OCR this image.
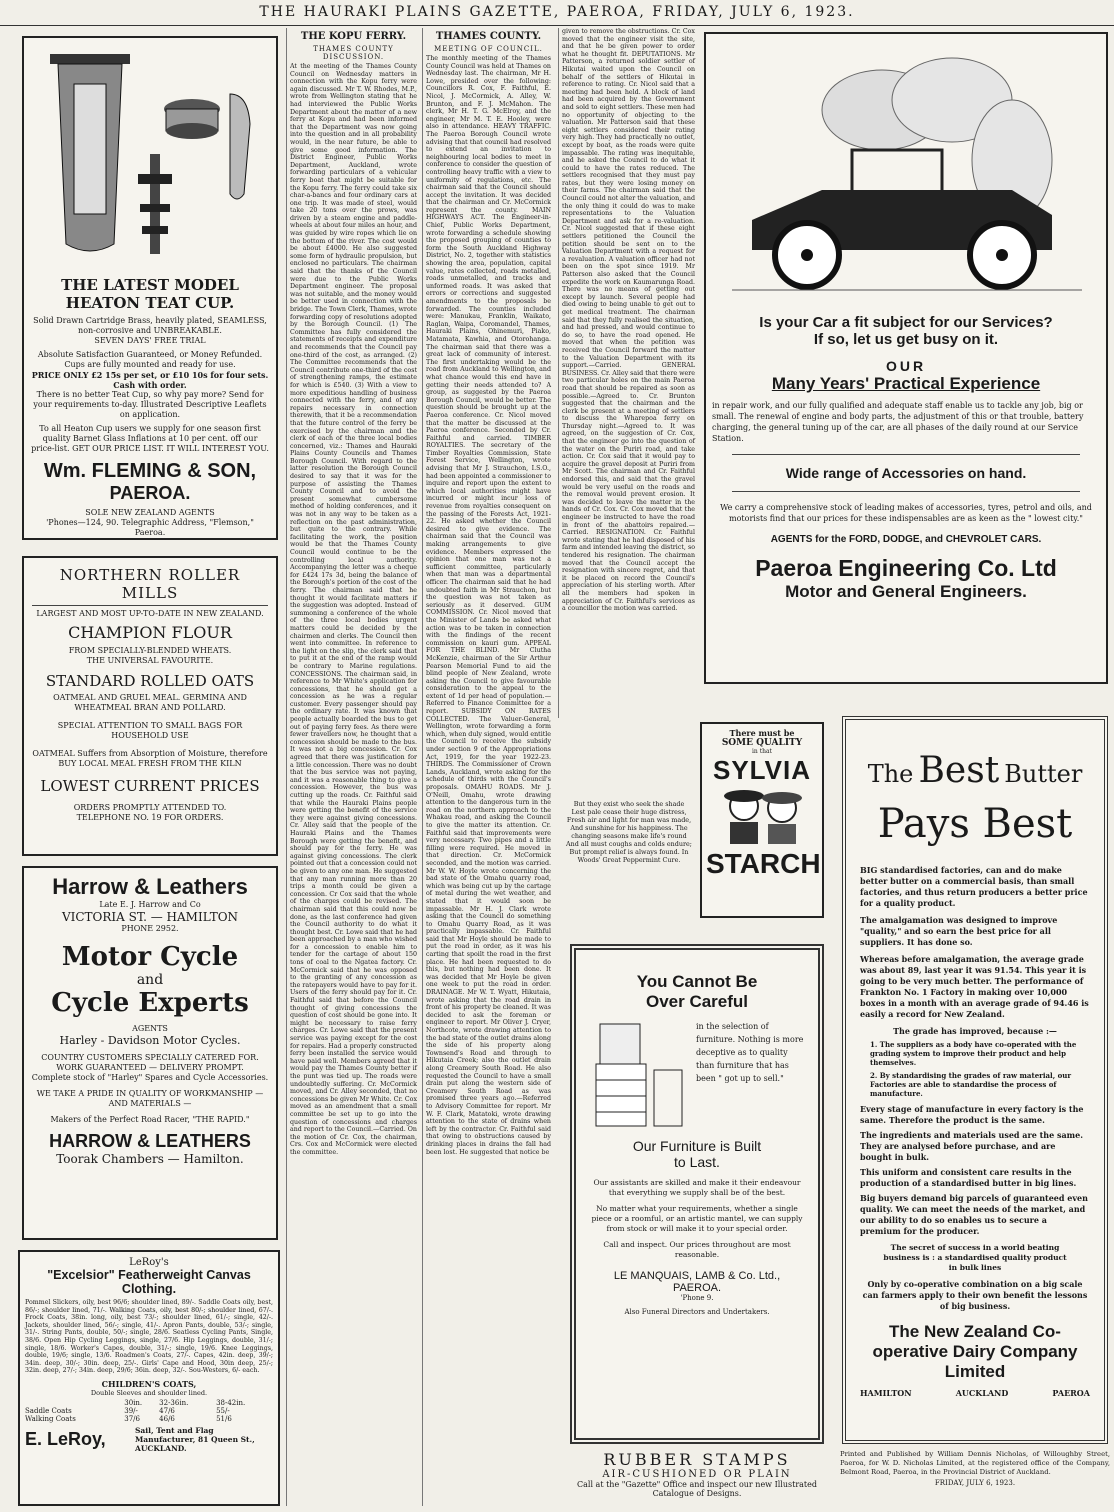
THE HAURAKI PLAINS GAZETTE, PAEROA, FRIDAY, JULY 6, 1923.
THE LATEST MODEL HEATON TEAT CUP.
Solid Drawn Cartridge Brass, heavily plated, SEAMLESS, non-corrosive and UNBREAKABLE.
SEVEN DAYS' FREE TRIAL
Absolute Satisfaction Guaranteed, or Money Refunded. Cups are fully mounted and ready for use.
PRICE ONLY £2 15s per set, or £10 10s for four sets. Cash with order.
There is no better Teat Cup, so why pay more? Send for your requirements to-day. Illustrated Descriptive Leaflets on application.
To all Heaton Cup users we supply for one season first quality Barnet Glass Inflations at 10 per cent. off our price-list. GET OUR PRICE LIST. IT WILL INTEREST YOU.
Wm. FLEMING & SON,
PAEROA.
SOLE NEW ZEALAND AGENTS
'Phones—124, 90. Telegraphic Address, "Flemson," Paeroa.
NORTHERN ROLLER MILLS
LARGEST AND MOST UP-TO-DATE IN NEW ZEALAND.
CHAMPION FLOUR
FROM SPECIALLY-BLENDED WHEATS.
THE UNIVERSAL FAVOURITE.
STANDARD ROLLED OATS
OATMEAL AND GRUEL MEAL. GERMINA AND WHEATMEAL BRAN AND POLLARD.
SPECIAL ATTENTION TO SMALL BAGS FOR HOUSEHOLD USE
OATMEAL Suffers from Absorption of Moisture, therefore BUY LOCAL MEAL FRESH FROM THE KILN
LOWEST CURRENT PRICES
ORDERS PROMPTLY ATTENDED TO.
TELEPHONE NO. 19 FOR ORDERS.
Harrow & Leathers
Late E. J. Harrow and Co
VICTORIA ST. — HAMILTON
PHONE 2952.
Motor Cycle
and
Cycle Experts
AGENTS
Harley - Davidson Motor Cycles.
COUNTRY CUSTOMERS SPECIALLY CATERED FOR. WORK GUARANTEED — DELIVERY PROMPT.
Complete stock of "Harley" Spares and Cycle Accessories.
WE TAKE A PRIDE IN QUALITY OF WORKMANSHIP — AND MATERIALS —
Makers of the Perfect Road Racer, "THE RAPID."
HARROW & LEATHERS
Toorak Chambers — Hamilton.
LeRoy's
"Excelsior" Featherweight Canvas Clothing.
Pommel Slickers, oily, best 96/6; shoulder lined, 89/-. Saddle Coats oily, best, 86/-; shoulder lined, 71/-. Walking Coats, oily, best 80/-; shoulder lined, 67/-. Frock Coats, 38in. long, oily, best 73/-; shoulder lined, 61/-; single, 42/-. Jackets, shoulder lined, 56/-; single, 41/-. Apron Pants, double, 53/-; single, 31/-. String Pants, double, 50/-; single, 28/6. Seatless Cycling Pants, Single, 38/6. Open Hip Cycling Leggings, single, 27/6. Hip Leggings, double, 31/-; single, 18/6. Worker's Capes, double, 31/-; single, 19/6. Knee Leggings, double, 19/6; single, 13/6. Roadmen's Coats, 27/-. Capes, 42in. deep, 39/-; 34in. deep, 30/-; 30in. deep, 25/-. Girls' Cape and Hood, 30in deep, 25/-; 32in. deep, 27/-; 34in. deep, 29/6; 36in. deep, 32/-. Sou-Westers, 6/- each.
CHILDREN'S COATS,
Double Sleeves and shoulder lined.
	30in.	32-36in.	38-42in.
Saddle Coats	39/-	47/6	55/-
Walking Coats	37/6	46/6	51/6
E. LeRoy,	Sail, Tent and Flag Manufacturer, 81 Queen St., AUCKLAND.
THE KOPU FERRY.
THAMES COUNTY DISCUSSION.
At the meeting of the Thames County Council on Wednesday matters in connection with the Kopu ferry were again discussed. Mr T. W. Rhodes, M.P., wrote from Wellington stating that he had interviewed the Public Works Department about the matter of a new ferry at Kopu and had been informed that the Department was now going into the question and in all probability would, in the near future, be able to give some good information. The District Engineer, Public Works Department, Auckland, wrote forwarding particulars of a vehicular ferry boat that might be suitable for the Kopu ferry. The ferry could take six char-a-bancs and four ordinary cars at one trip. It was made of steel, would take 20 tons over the prows, was driven by a steam engine and paddle-wheels at about four miles an hour, and was guided by wire ropes which lie on the bottom of the river. The cost would be about £4000. He also suggested some form of hydraulic propulsion, but enclosed no particulars. The chairman said that the thanks of the Council were due to the Public Works Department engineer. The proposal was not suitable, and the money would be better used in connection with the bridge. The Town Clerk, Thames, wrote forwarding copy of resolutions adopted by the Borough Council. (1) The Committee has fully considered the statements of receipts and expenditure and recommends that the Council pay one-third of the cost, as arranged. (2) The Committee recommends that the Council contribute one-third of the cost of strengthening ramps, the estimate for which is £540. (3) With a view to more expeditious handling of business connected with the ferry, and of any repairs necessary in connection therewith, that it be a recommendation that the future control of the ferry be exercised by the chairman and the clerk of each of the three local bodies concerned, viz.: Thames and Hauraki Plains County Councils and Thames Borough Council. With regard to the latter resolution the Borough Council desired to say that it was for the purpose of assisting the Thames County Council and to avoid the present somewhat cumbersome method of holding conferences, and it was not in any way to be taken as a reflection on the past administration, but quite to the contrary. While facilitating the work, the position would be that the Thames County Council would continue to be the controlling local authority. Accompanying the letter was a cheque for £424 17s 3d, being the balance of the Borough's portion of the cost of the ferry. The chairman said that he thought it would facilitate matters if the suggestion was adopted. Instead of summoning a conference of the whole of the three local bodies urgent matters could be decided by the chairmen and clerks. The Council then went into committee. In reference to the light on the slip, the clerk said that to put it at the end of the ramp would be contrary to Marine regulations. CONCESSIONS. The chairman said, in reference to Mr White's application for concessions, that he should get a concession as he was a regular customer. Every passenger should pay the ordinary rate. It was known that people actually boarded the bus to get out of paying ferry fees. As there were fewer travellers now, he thought that a concession should be made to the bus. It was not a big concession. Cr. Cox agreed that there was justification for a little concession. There was no doubt that the bus service was not paying, and it was a reasonable thing to give a concession. However, the bus was cutting up the roads. Cr. Faithful said that while the Hauraki Plains people were getting the benefit of the service they were against giving concessions. Cr. Alley said that the people of the Hauraki Plains and the Thames Borough were getting the benefit, and should pay for the ferry. He was against giving concessions. The clerk pointed out that a concession could not be given to any one man. He suggested that any man running more than 20 trips a month could be given a concession. Cr Cox said that the whole of the charges could be revised. The chairman said that this could now be done, as the last conference had given the Council authority to do what it thought best. Cr. Lowe said that he had been approached by a man who wished for a concession to enable him to tender for the cartage of about 150 tons of coal to the Ngatea factory. Cr. McCormick said that he was opposed to the granting of any concession as the ratepayers would have to pay for it. Users of the ferry should pay for it. Cr. Faithful said that before the Council thought of giving concessions the question of cost should be gone into. It might be necessary to raise ferry charges. Cr. Lowe said that the present service was paying except for the cost for repairs. Had a properly constructed ferry been installed the service would have paid well. Members agreed that it would pay the Thames County better if the punt was tied up. The roads were undoubtedly suffering. Cr. McCormick moved, and Cr. Alley seconded, that no concessions be given Mr White. Cr. Cox moved as an amendment that a small committee be set up to go into the question of concessions and charges and report to the Council.—Carried. On the motion of Cr. Cox, the chairman, Crs. Cox and McCormick were elected the committee.
THAMES COUNTY.
MEETING OF COUNCIL.
The monthly meeting of the Thames County Council was held at Thames on Wednesday last. The chairman, Mr H. Lowe, presided over the following: Councillors R. Cox, F. Faithful, E. Nicol, J. McCormick, A. Alley, W. Brunton, and F. J. McMahon. The clerk, Mr H. T. G. McElroy, and the engineer, Mr M. T. E. Hooley, were also in attendance. HEAVY TRAFFIC. The Paeroa Borough Council wrote advising that that council had resolved to extend an invitation to neighbouring local bodies to meet in conference to consider the question of controlling heavy traffic with a view to uniformity of regulations, etc. The chairman said that the Council should accept the invitation. It was decided that the chairman and Cr. McCormick represent the county. MAIN HIGHWAYS ACT. The Engineer-in-Chief, Public Works Department, wrote forwarding a schedule showing the proposed grouping of counties to form the South Auckland Highway District, No. 2, together with statistics showing the area, population, capital value, rates collected, roads metalled, roads unmetalled, and tracks and unformed roads. It was asked that errors or corrections and suggested amendments to the proposals be forwarded. The counties included were: Manukau, Franklin, Waikato, Raglan, Waipa, Coromandel, Thames, Hauraki Plains, Ohinemuri, Piako, Matamata, Kawhia, and Otorohanga. The chairman said that there was a great lack of community of interest. The first undertaking would be the road from Auckland to Wellington, and what chance would this end have in getting their needs attended to? A group, as suggested by the Paeroa Borough Council, would be better. The question should be brought up at the Paeroa conference. Cr. Nicol moved that the matter be discussed at the Paeroa conference. Seconded by Cr. Faithful and carried. TIMBER ROYALTIES. The secretary of the Timber Royalties Commission, State Forest Service, Wellington, wrote advising that Mr J. Strauchon, I.S.O., had been appointed a commissioner to inquire and report upon the extent to which local authorities might have incurred or might incur loss of revenue from royalties consequent on the passing of the Forests Act, 1921-22. He asked whether the Council desired to give evidence. The chairman said that the Council was making arrangements to give evidence. Members expressed the opinion that one man was not a sufficient committee, particularly when that man was a departmental officer. The chairman said that he had undoubted faith in Mr Strauchon, but the question was not taken as seriously as it deserved. GUM COMMISSION. Cr. Nicol moved that the Minister of Lands be asked what action was to be taken in connection with the findings of the recent commission on kauri gum. APPEAL FOR THE BLIND. Mr Clutha McKenzie, chairman of the Sir Arthur Pearson Memorial Fund to aid the blind people of New Zealand, wrote asking the Council to give favourable consideration to the appeal to the extent of 1d per head of population.—Referred to Finance Committee for a report. SUBSIDY ON RATES COLLECTED. The Valuer-General, Wellington, wrote forwarding a form which, when duly signed, would entitle the Council to receive the subsidy under section 9 of the Appropriations Act, 1919, for the year 1922-23. THIRDS. The Commissioner of Crown Lands, Auckland, wrote asking for the schedule of thirds with the Council's proposals. OMAHU ROADS. Mr J. O'Neill, Omahu, wrote drawing attention to the dangerous turn in the road on the northern approach to the Whakau road, and asking the Council to give the matter its attention. Cr. Faithful said that improvements were very necessary. Two pipes and a little filling were required. He moved in that direction. Cr. McCormick seconded, and the motion was carried. Mr W. W. Hoyle wrote concerning the bad state of the Omahu quarry road, which was being cut up by the cartage of metal during the wet weather, and stated that it would soon be impassable. Mr H. J. Clark wrote asking that the Council do something to Omahu Quarry Road, as it was practically impassable. Cr. Faithful said that Mr Hoyle should be made to put the road in order, as it was his carting that spoilt the road in the first place. He had been requested to do this, but nothing had been done. It was decided that Mr Hoyle be given one week to put the road in order. DRAINAGE. Mr W. T. Wyatt, Hikutaia, wrote asking that the road drain in front of his property be cleaned. It was decided to ask the foreman or engineer to report. Mr Oliver J. Cryer, Northcote, wrote drawing attention to the bad state of the outlet drains along the side of his property along Townsend's Road and through to Hikutaia Creek; also the outlet drain along Creamery South Road. He also requested the Council to have a small drain put along the western side of Creamery South Road as was promised three years ago.—Referred to Advisory Committee for report. Mr W. F. Clark, Matatoki, wrote drawing attention to the state of drains when left by the contractor. Cr. Faithful said that owing to obstructions caused by drinking places in drains the fall had been lost. He suggested that notice be
given to remove the obstructions. Cr. Cox moved that the engineer visit the site, and that he be given power to order what he thought fit. DEPUTATIONS. Mr Patterson, a returned soldier settler of Hikutai waited upon the Council on behalf of the settlers of Hikutai in reference to rating. Cr. Nicol said that a meeting had been held. A block of land had been acquired by the Government and sold to eight settlers. These men had no opportunity of objecting to the valuation. Mr Patterson said that these eight settlers considered their rating very high. They had practically no outlet, except by boat, as the roads were quite impassable. The rating was inequitable, and he asked the Council to do what it could to have the rates reduced. The settlers recognised that they must pay rates, but they were losing money on their farms. The chairman said that the Council could not alter the valuation, and the only thing it could do was to make representations to the Valuation Department and ask for a re-valuation. Cr. Nicol suggested that if these eight settlers petitioned the Council the petition should be sent on to the Valuation Department with a request for a revaluation. A valuation officer had not been on the spot since 1919. Mr Patterson also asked that the Council expedite the work on Kaumarunga Road. There was no means of getting out except by launch. Several people had died owing to being unable to get out to get medical treatment. The chairman said that they fully realised the situation, and had pressed, and would continue to do so, to have the road opened. He moved that when the petition was received the Council forward the matter to the Valuation Department with its support.—Carried. GENERAL BUSINESS. Cr. Alley said that there were two particular holes on the main Paeroa road that should be repaired as soon as possible.—Agreed to. Cr. Brunton suggested that the chairman and the clerk be present at a meeting of settlers to discuss the Wharepoa ferry on Thursday night.—Agreed to. It was agreed, on the suggestion of Cr. Cox, that the engineer go into the question of the water on the Puriri road, and take action. Cr. Cox said that it would pay to acquire the gravel deposit at Puriri from Mr Scott. The chairman and Cr. Faithful endorsed this, and said that the gravel would be very useful on the roads and the removal would prevent erosion. It was decided to leave the matter in the hands of Cr. Cox. Cr. Cox moved that the engineer be instructed to have the road in front of the abattoirs repaired.—Carried. RESIGNATION. Cr. Faithful wrote stating that he had disposed of his farm and intended leaving the district, so tendered his resignation. The chairman moved that the Council accept the resignation with sincere regret, and that it be placed on record the Council's appreciation of his sterling worth. After all the members had spoken in appreciation of Cr. Faithful's services as a councillor the motion was carried.
Is your Car a fit subject for our Services?
If so, let us get busy on it.
OUR
Many Years' Practical Experience
in repair work, and our fully qualified and adequate staff enable us to tackle any job, big or small. The renewal of engine and body parts, the adjustment of this or that trouble, battery charging, the general tuning up of the car, are all phases of the daily round at our Service Station.
Wide range of Accessories on hand.
We carry a comprehensive stock of leading makes of accessories, tyres, petrol and oils, and motorists find that our prices for these indispensables are as keen as the " lowest city."
AGENTS for the FORD, DODGE, and CHEVROLET CARS.
Paeroa Engineering Co. Ltd
Motor and General Engineers.
There must be
SOME QUALITY
in that
SYLVIA
STARCH
But they exist who seek the shade Lest pale cease their huge distress, Fresh air and light for man was made, And sunshine for his happiness. The changing seasons make life's round And all must coughs and colds endure; But prompt relief is always found. In Woods' Great Peppermint Cure.
You Cannot Be
Over Careful
in the selection of furniture. Nothing is more deceptive as to quality than furniture that has been " got up to sell."
Our Furniture is Built
to Last.
Our assistants are skilled and make it their endeavour that everything we supply shall be of the best.
No matter what your requirements, whether a single piece or a roomful, or an artistic mantel, we can supply from stock or will make it to your special order.
Call and inspect. Our prices throughout are most reasonable.
LE MANQUAIS, LAMB & Co. Ltd.,
PAEROA.
'Phone 9.
Also Funeral Directors and Undertakers.
RUBBER STAMPS
AIR-CUSHIONED OR PLAIN
Call at the "Gazette" Office and inspect our new Illustrated Catalogue of Designs.
The Best Butter
Pays Best
BIG standardised factories, can and do make better butter on a commercial basis, than small factories, and thus return producers a better price for a quality product.
The amalgamation was designed to improve "quality," and so earn the best price for all suppliers. It has done so.
Whereas before amalgamation, the average grade was about 89, last year it was 91.54. This year it is going to be very much better. The performance of Frankton No. 1 Factory in making over 10,000 boxes in a month with an average grade of 94.46 is easily a record for New Zealand.
The grade has improved, because :—
1. The suppliers as a body have co-operated with the grading system to improve their product and help themselves.
2. By standardising the grades of raw material, our Factories are able to standardise the process of manufacture.
Every stage of manufacture in every factory is the same. Therefore the product is the same.
The ingredients and materials used are the same. They are analysed before purchase, and are bought in bulk.
This uniform and consistent care results in the production of a standardised butter in big lines.
Big buyers demand big parcels of guaranteed even quality. We can meet the needs of the market, and our ability to do so enables us to secure a premium for the producer.
The secret of success in a world beating business is : a standardised quality product in bulk lines
Only by co-operative combination on a big scale can farmers apply to their own benefit the lessons of big business.
The New Zealand Co-operative Dairy Company Limited
HAMILTON	AUCKLAND	PAEROA
Printed and Published by William Dennis Nicholas, of Willoughby Street, Paeroa, for W. D. Nicholas Limited, at the registered office of the Company, Belmont Road, Paeroa, in the Provincial District of Auckland.
FRIDAY, JULY 6, 1923.
